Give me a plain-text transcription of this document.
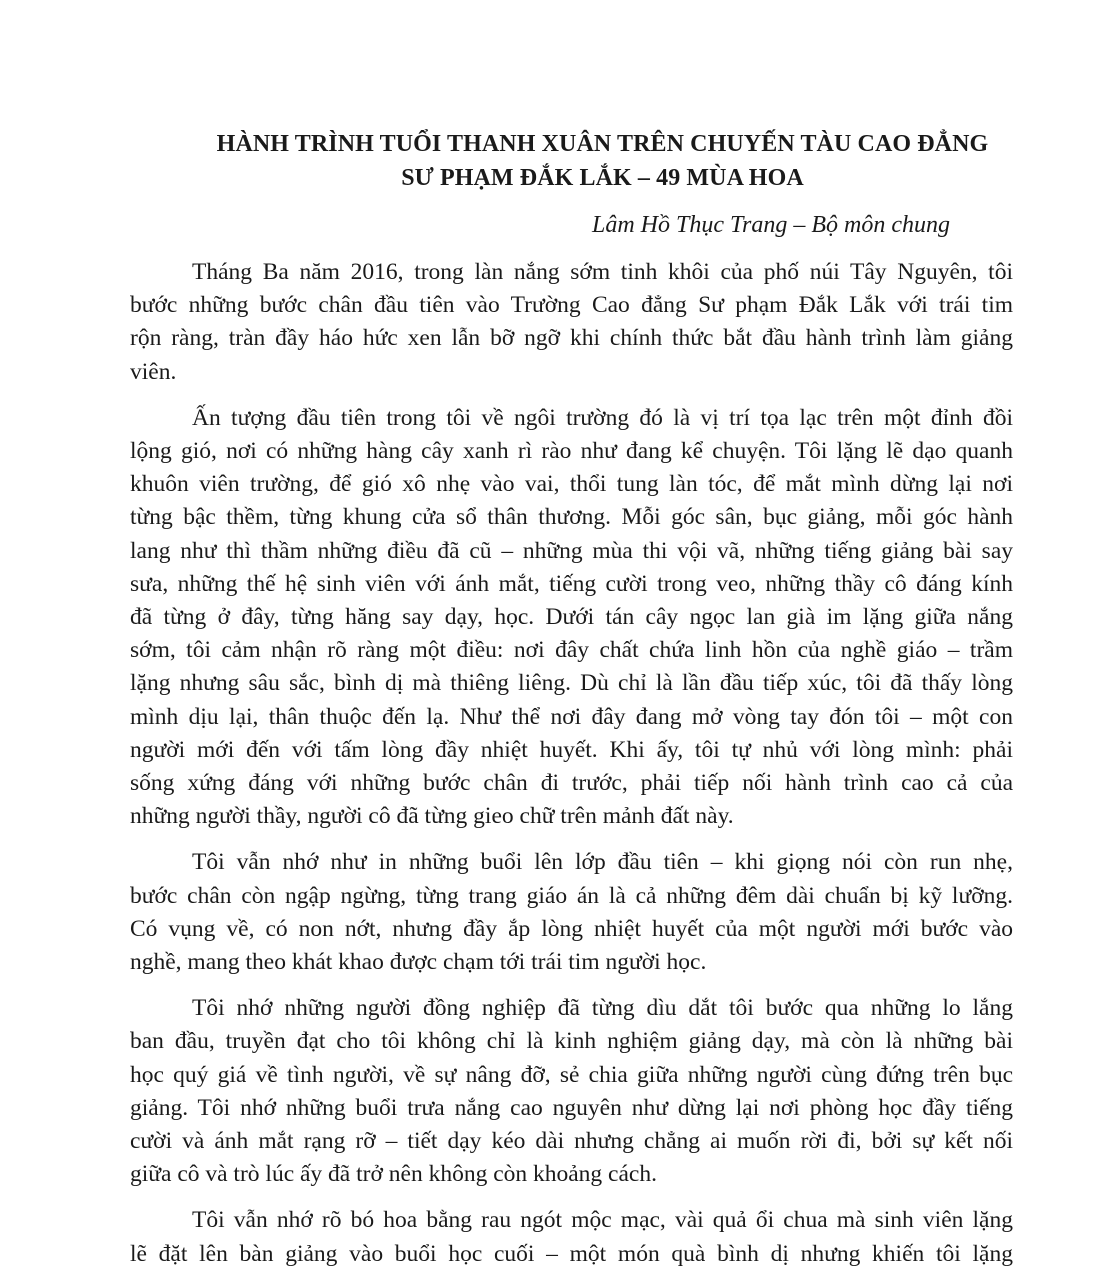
HÀNH TRÌNH TUỔI THANH XUÂN TRÊN CHUYẾN TÀU CAO ĐẲNG
SƯ PHẠM ĐẮK LẮK – 49 MÙA HOA
Lâm Hồ Thục Trang – Bộ môn chung
Tháng Ba năm 2016, trong làn nắng sớm tinh khôi của phố núi Tây Nguyên, tôi
bước những bước chân đầu tiên vào Trường Cao đẳng Sư phạm Đắk Lắk với trái tim
rộn ràng, tràn đầy háo hức xen lẫn bỡ ngỡ khi chính thức bắt đầu hành trình làm giảng
viên.
Ấn tượng đầu tiên trong tôi về ngôi trường đó là vị trí tọa lạc trên một đỉnh đồi
lộng gió, nơi có những hàng cây xanh rì rào như đang kể chuyện. Tôi lặng lẽ dạo quanh
khuôn viên trường, để gió xô nhẹ vào vai, thổi tung làn tóc, để mắt mình dừng lại nơi
từng bậc thềm, từng khung cửa sổ thân thương. Mỗi góc sân, bục giảng, mỗi góc hành
lang như thì thầm những điều đã cũ – những mùa thi vội vã, những tiếng giảng bài say
sưa, những thế hệ sinh viên với ánh mắt, tiếng cười trong veo, những thầy cô đáng kính
đã từng ở đây, từng hăng say dạy, học. Dưới tán cây ngọc lan già im lặng giữa nắng
sớm, tôi cảm nhận rõ ràng một điều: nơi đây chất chứa linh hồn của nghề giáo – trầm
lặng nhưng sâu sắc, bình dị mà thiêng liêng. Dù chỉ là lần đầu tiếp xúc, tôi đã thấy lòng
mình dịu lại, thân thuộc đến lạ. Như thể nơi đây đang mở vòng tay đón tôi – một con
người mới đến với tấm lòng đầy nhiệt huyết. Khi ấy, tôi tự nhủ với lòng mình: phải
sống xứng đáng với những bước chân đi trước, phải tiếp nối hành trình cao cả của
những người thầy, người cô đã từng gieo chữ trên mảnh đất này.
Tôi vẫn nhớ như in những buổi lên lớp đầu tiên – khi giọng nói còn run nhẹ,
bước chân còn ngập ngừng, từng trang giáo án là cả những đêm dài chuẩn bị kỹ lưỡng.
Có vụng về, có non nớt, nhưng đầy ắp lòng nhiệt huyết của một người mới bước vào
nghề, mang theo khát khao được chạm tới trái tim người học.
Tôi nhớ những người đồng nghiệp đã từng dìu dắt tôi bước qua những lo lắng
ban đầu, truyền đạt cho tôi không chỉ là kinh nghiệm giảng dạy, mà còn là những bài
học quý giá về tình người, về sự nâng đỡ, sẻ chia giữa những người cùng đứng trên bục
giảng. Tôi nhớ những buổi trưa nắng cao nguyên như dừng lại nơi phòng học đầy tiếng
cười và ánh mắt rạng rỡ – tiết dạy kéo dài nhưng chẳng ai muốn rời đi, bởi sự kết nối
giữa cô và trò lúc ấy đã trở nên không còn khoảng cách.
Tôi vẫn nhớ rõ bó hoa bằng rau ngót mộc mạc, vài quả ổi chua mà sinh viên lặng
lẽ đặt lên bàn giảng vào buổi học cuối – một món quà bình dị nhưng khiến tôi lặng
